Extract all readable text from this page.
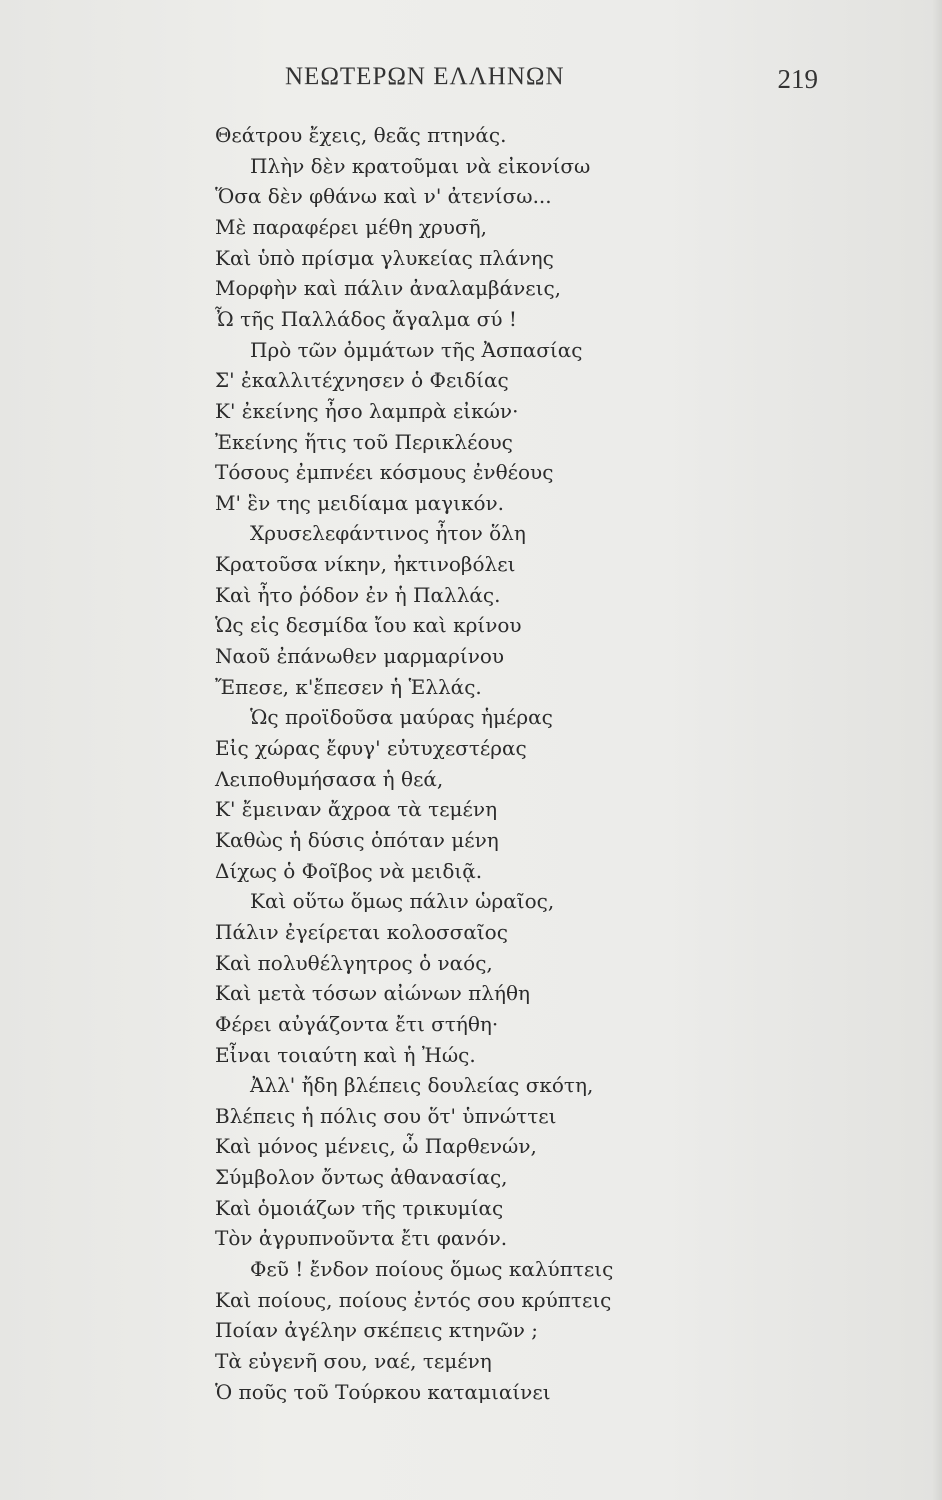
ΝΕΩΤΕΡΩΝ ΕΛΛΗΝΩΝ	219
Θεάτρου ἔχεις, θεᾶς πτηνάς.
Πλὴν δὲν κρατοῦμαι νὰ εἰκονίσω
Ὅσα δὲν φθάνω καὶ ν' ἀτενίσω...
Μὲ παραφέρει μέθη χρυσῆ,
Καὶ ὑπὸ πρίσμα γλυκείας πλάνης
Μορφὴν καὶ πάλιν ἀναλαμβάνεις,
Ὦ τῆς Παλλάδος ἄγαλμα σύ !
Πρὸ τῶν ὀμμάτων τῆς Ἀσπασίας
Σ' ἐκαλλιτέχνησεν ὁ Φειδίας
Κ' ἐκείνης ἦσο λαμπρὰ εἰκών·
Ἐκείνης ἥτις τοῦ Περικλέους
Τόσους ἐμπνέει κόσμους ἐνθέους
Μ' ἓν της μειδίαμα μαγικόν.
Χρυσελεφάντινος ἦτον ὅλη
Κρατοῦσα νίκην, ἠκτινοβόλει
Καὶ ἦτο ῥόδον ἐν ἡ Παλλάς.
Ὡς εἰς δεσμίδα ἴου καὶ κρίνου
Ναοῦ ἐπάνωθεν μαρμαρίνου
Ἔπεσε, κ'ἔπεσεν ἡ Ἑλλάς.
Ὡς προϊδοῦσα μαύρας ἡμέρας
Εἰς χώρας ἔφυγ' εὐτυχεστέρας
Λειποθυμήσασα ἡ θεά,
Κ' ἔμειναν ἄχροα τὰ τεμένη
Καθὼς ἡ δύσις ὁπόταν μένη
Δίχως ὁ Φοῖβος νὰ μειδιᾷ.
Καὶ οὕτω ὅμως πάλιν ὡραῖος,
Πάλιν ἐγείρεται κολοσσαῖος
Καὶ πολυθέλγητρος ὁ ναός,
Καὶ μετὰ τόσων αἰώνων πλήθη
Φέρει αὐγάζοντα ἔτι στήθη·
Εἶναι τοιαύτη καὶ ἡ Ἠώς.
Ἀλλ' ἤδη βλέπεις δουλείας σκότη,
Βλέπεις ἡ πόλις σου ὅτ' ὑπνώττει
Καὶ μόνος μένεις, ὦ Παρθενών,
Σύμβολον ὄντως ἀθανασίας,
Καὶ ὁμοιάζων τῆς τρικυμίας
Τὸν ἀγρυπνοῦντα ἔτι φανόν.
Φεῦ ! ἔνδον ποίους ὅμως καλύπτεις
Καὶ ποίους, ποίους ἐντός σου κρύπτεις
Ποίαν ἀγέλην σκέπεις κτηνῶν ;
Τὰ εὐγενῆ σου, ναέ, τεμένη
Ὁ ποῦς τοῦ Τούρκου καταμιαίνει
